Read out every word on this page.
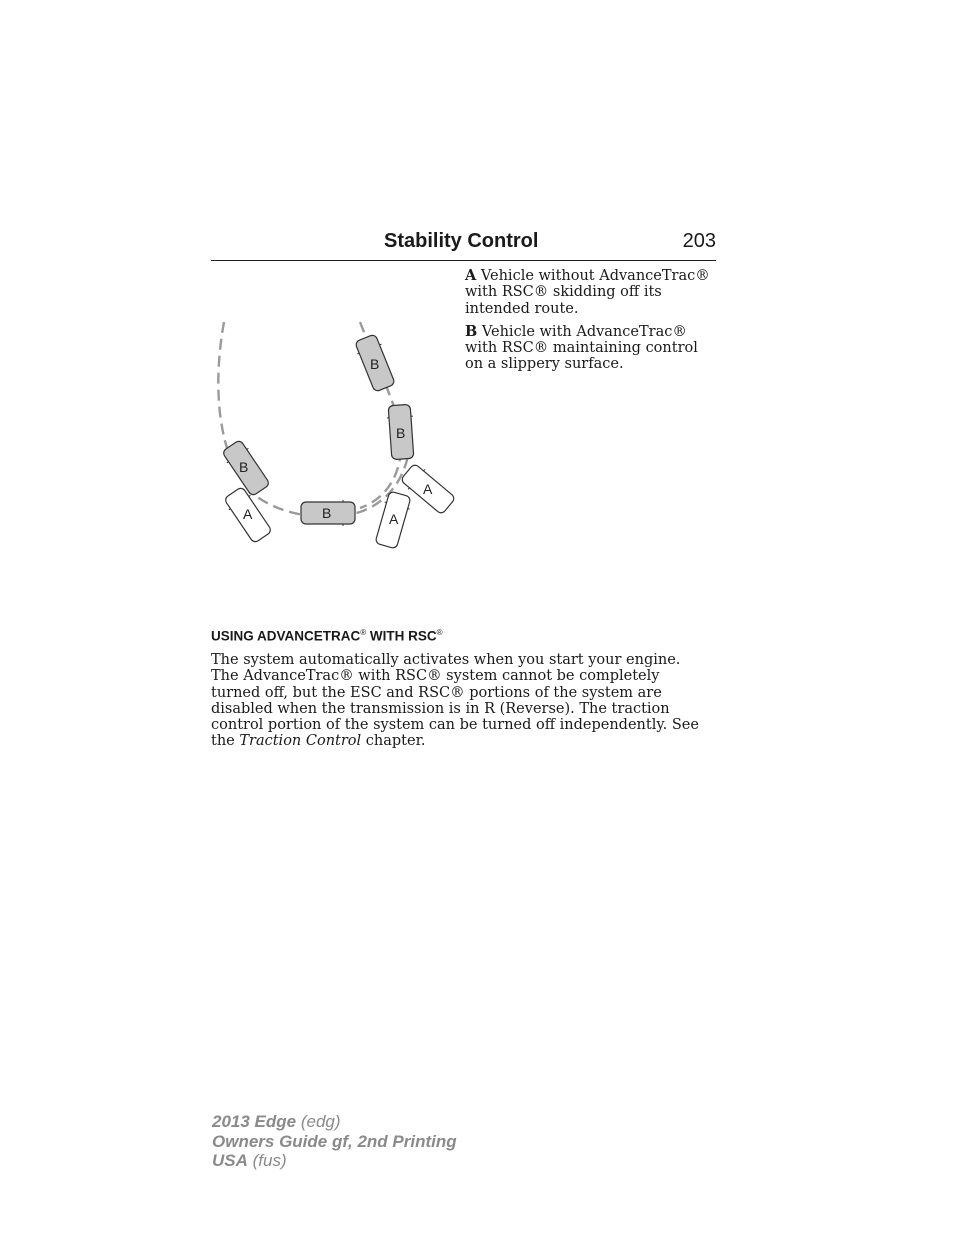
Stability Control	203

A Vehicle without AdvanceTrac® with RSC® skidding off its intended route.

B Vehicle with AdvanceTrac® with RSC® maintaining control on a slippery surface.

B
B
B
B
A	A
A
USING ADVANCETRAC® WITH RSC®

The system automatically activates when you start your engine. The AdvanceTrac® with RSC® system cannot be completely turned off, but the ESC and RSC® portions of the system are disabled when the transmission is in R (Reverse). The traction control portion of the system can be turned off independently. See the Traction Control chapter.

2013 Edge (edg)
Owners Guide gf, 2nd Printing
USA (fus)
